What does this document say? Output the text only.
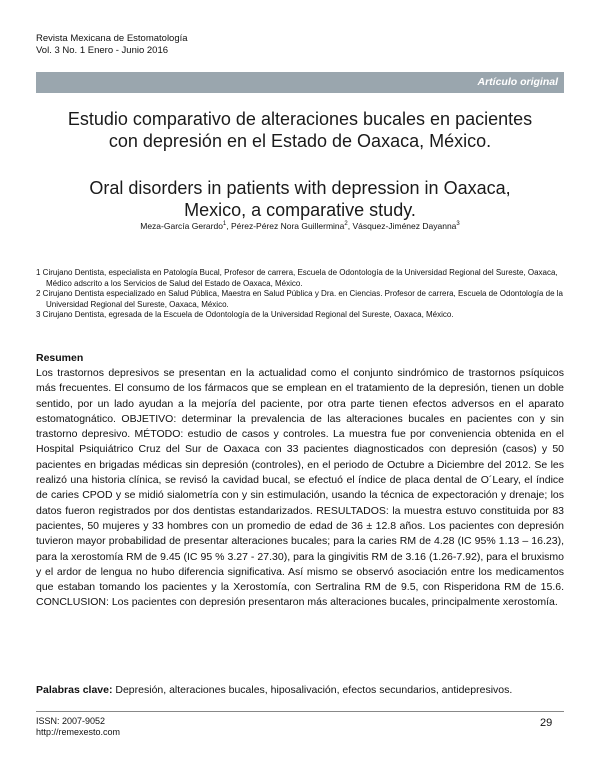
Revista Mexicana de Estomatología
Vol. 3 No. 1 Enero - Junio 2016
Artículo original
Estudio comparativo de alteraciones bucales en pacientes
con depresión en el Estado de Oaxaca, México.
Oral disorders in patients with depression in Oaxaca,
Mexico, a comparative study.
Meza-García Gerardo$^1$, Pérez-Pérez Nora Guillermina$^2$, Vásquez-Jiménez Dayanna$^3$

1 Cirujano Dentista, especialista en Patología Bucal, Profesor de carrera, Escuela de Odontología de la Universidad Regional del Sureste, Oaxaca, Médico adscrito a los Servicios de Salud del Estado de Oaxaca, México.

2 Cirujano Dentista especializado en Salud Pública, Maestra en Salud Pública y Dra. en Ciencias. Profesor de carrera, Escuela de Odontología de la Universidad Regional del Sureste, Oaxaca, México.

3 Cirujano Dentista, egresada de la Escuela de Odontología de la Universidad Regional del Sureste, Oaxaca, México.

Resumen

Los trastornos depresivos se presentan en la actualidad como el conjunto sindrómico de trastornos psíquicos más frecuentes. El consumo de los fármacos que se emplean en el tratamiento de la depresión, tienen un doble sentido, por un lado ayudan a la mejoría del paciente, por otra parte tienen efectos adversos en el aparato estomatognático. OBJETIVO: determinar la prevalencia de las alteraciones bucales en pacientes con y sin trastorno depresivo. MÉTODO: estudio de casos y controles. La muestra fue por conveniencia obtenida en el Hospital Psiquiátrico Cruz del Sur de Oaxaca con 33 pacientes diagnosticados con depresión (casos) y 50 pacientes en brigadas médicas sin depresión (controles), en el periodo de Octubre a Diciembre del 2012. Se les realizó una historia clínica, se revisó la cavidad bucal, se efectuó el índice de placa dental de O´Leary, el índice de caries CPOD y se midió sialometría con y sin estimulación, usando la técnica de expectoración y drenaje; los datos fueron registrados por dos dentistas estandarizados. RESULTADOS: la muestra estuvo constituida por 83 pacientes, 50 mujeres y 33 hombres con un promedio de edad de 36 ± 12.8 años. Los pacientes con depresión tuvieron mayor probabilidad de presentar alteraciones bucales; para la caries RM de 4.28 (IC 95% 1.13 – 16.23), para la xerostomía RM de 9.45 (IC 95 % 3.27 - 27.30), para la gingivitis RM de 3.16 (1.26-7.92), para el bruxismo y el ardor de lengua no hubo diferencia significativa. Así mismo se observó asociación entre los medicamentos que estaban tomando los pacientes y la Xerostomía, con Sertralina RM de 9.5, con Risperidona RM de 15.6. CONCLUSION: Los pacientes con depresión presentaron más alteraciones bucales, principalmente xerostomía.

Palabras clave: Depresión, alteraciones bucales, hiposalivación, efectos secundarios, antidepresivos.
ISSN: 2007-9052
http://remexesto.com
29
